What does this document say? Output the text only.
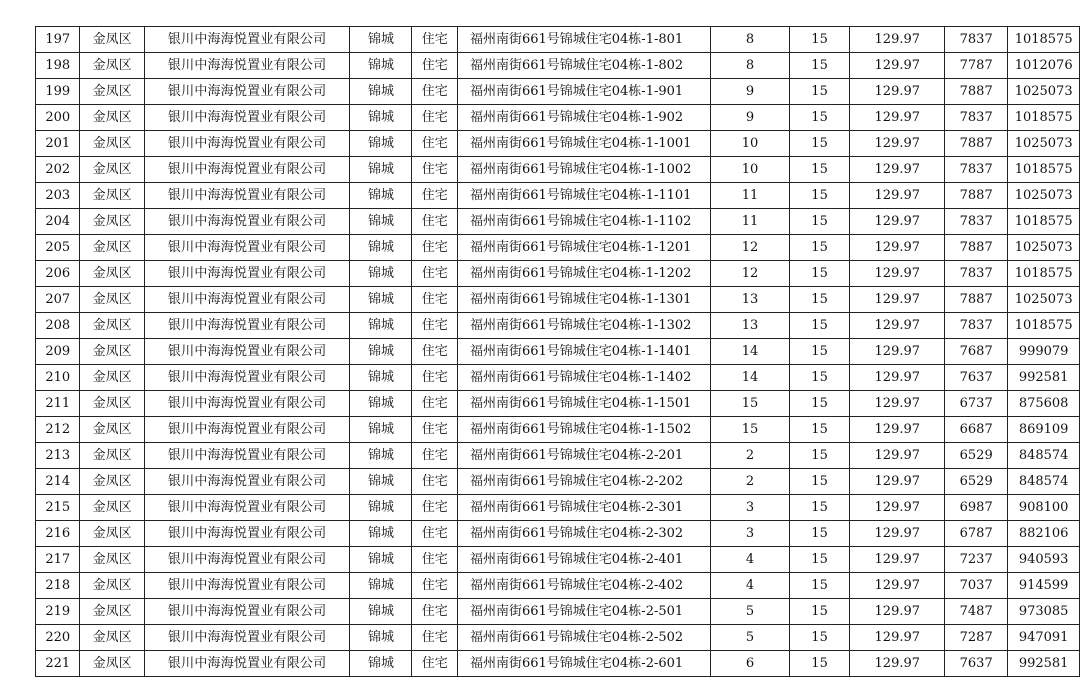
197	金凤区	银川中海海悦置业有限公司	锦城	住宅	福州南街661号锦城住宅04栋-1-801	8	15	129.97	7837	1018575
198	金凤区	银川中海海悦置业有限公司	锦城	住宅	福州南街661号锦城住宅04栋-1-802	8	15	129.97	7787	1012076
199	金凤区	银川中海海悦置业有限公司	锦城	住宅	福州南街661号锦城住宅04栋-1-901	9	15	129.97	7887	1025073
200	金凤区	银川中海海悦置业有限公司	锦城	住宅	福州南街661号锦城住宅04栋-1-902	9	15	129.97	7837	1018575
201	金凤区	银川中海海悦置业有限公司	锦城	住宅	福州南街661号锦城住宅04栋-1-1001	10	15	129.97	7887	1025073
202	金凤区	银川中海海悦置业有限公司	锦城	住宅	福州南街661号锦城住宅04栋-1-1002	10	15	129.97	7837	1018575
203	金凤区	银川中海海悦置业有限公司	锦城	住宅	福州南街661号锦城住宅04栋-1-1101	11	15	129.97	7887	1025073
204	金凤区	银川中海海悦置业有限公司	锦城	住宅	福州南街661号锦城住宅04栋-1-1102	11	15	129.97	7837	1018575
205	金凤区	银川中海海悦置业有限公司	锦城	住宅	福州南街661号锦城住宅04栋-1-1201	12	15	129.97	7887	1025073
206	金凤区	银川中海海悦置业有限公司	锦城	住宅	福州南街661号锦城住宅04栋-1-1202	12	15	129.97	7837	1018575
207	金凤区	银川中海海悦置业有限公司	锦城	住宅	福州南街661号锦城住宅04栋-1-1301	13	15	129.97	7887	1025073
208	金凤区	银川中海海悦置业有限公司	锦城	住宅	福州南街661号锦城住宅04栋-1-1302	13	15	129.97	7837	1018575
209	金凤区	银川中海海悦置业有限公司	锦城	住宅	福州南街661号锦城住宅04栋-1-1401	14	15	129.97	7687	999079
210	金凤区	银川中海海悦置业有限公司	锦城	住宅	福州南街661号锦城住宅04栋-1-1402	14	15	129.97	7637	992581
211	金凤区	银川中海海悦置业有限公司	锦城	住宅	福州南街661号锦城住宅04栋-1-1501	15	15	129.97	6737	875608
212	金凤区	银川中海海悦置业有限公司	锦城	住宅	福州南街661号锦城住宅04栋-1-1502	15	15	129.97	6687	869109
213	金凤区	银川中海海悦置业有限公司	锦城	住宅	福州南街661号锦城住宅04栋-2-201	2	15	129.97	6529	848574
214	金凤区	银川中海海悦置业有限公司	锦城	住宅	福州南街661号锦城住宅04栋-2-202	2	15	129.97	6529	848574
215	金凤区	银川中海海悦置业有限公司	锦城	住宅	福州南街661号锦城住宅04栋-2-301	3	15	129.97	6987	908100
216	金凤区	银川中海海悦置业有限公司	锦城	住宅	福州南街661号锦城住宅04栋-2-302	3	15	129.97	6787	882106
217	金凤区	银川中海海悦置业有限公司	锦城	住宅	福州南街661号锦城住宅04栋-2-401	4	15	129.97	7237	940593
218	金凤区	银川中海海悦置业有限公司	锦城	住宅	福州南街661号锦城住宅04栋-2-402	4	15	129.97	7037	914599
219	金凤区	银川中海海悦置业有限公司	锦城	住宅	福州南街661号锦城住宅04栋-2-501	5	15	129.97	7487	973085
220	金凤区	银川中海海悦置业有限公司	锦城	住宅	福州南街661号锦城住宅04栋-2-502	5	15	129.97	7287	947091
221	金凤区	银川中海海悦置业有限公司	锦城	住宅	福州南街661号锦城住宅04栋-2-601	6	15	129.97	7637	992581
